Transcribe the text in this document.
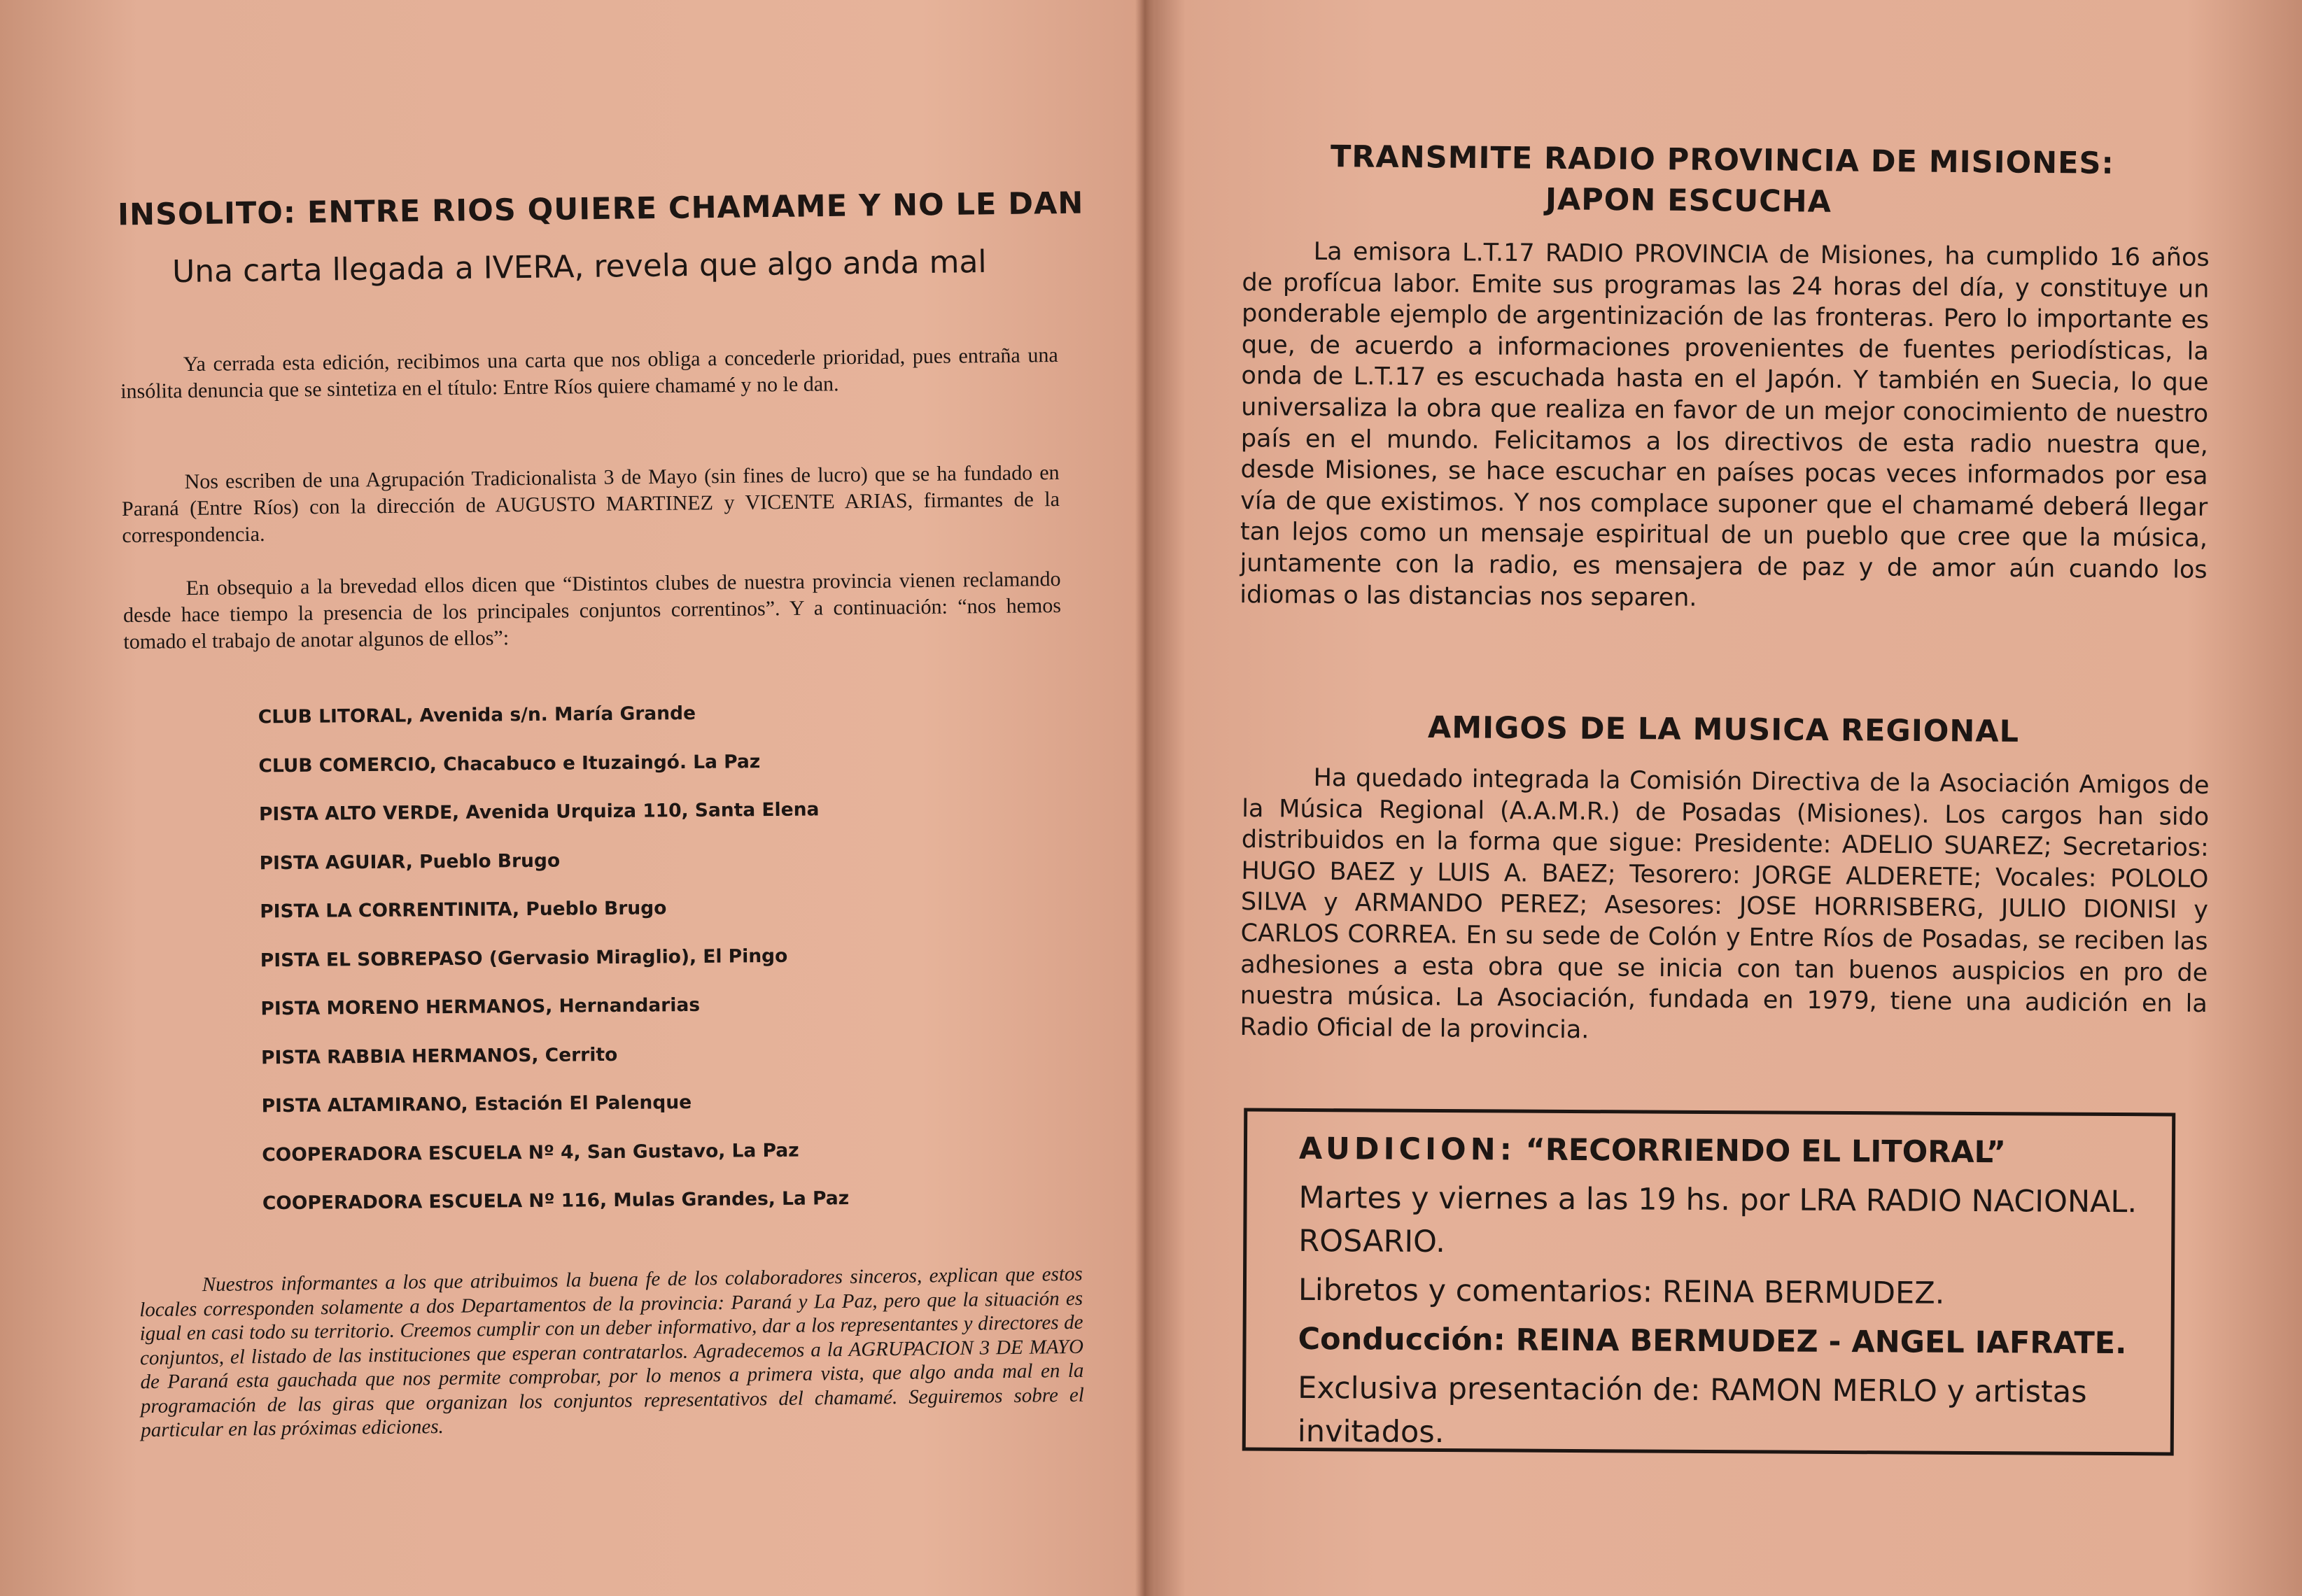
INSOLITO: ENTRE RIOS QUIERE CHAMAME Y NO LE DAN
Una carta llegada a IVERA, revela que algo anda mal

Ya cerrada esta edición, recibimos una carta que nos obliga a concederle prioridad, pues entraña una insólita denuncia que se sintetiza en el título: Entre Ríos quiere chamamé y no le dan.

Nos escriben de una Agrupación Tradicionalista 3 de Mayo (sin fines de lucro) que se ha fundado en Paraná (Entre Ríos) con la dirección de AUGUSTO MARTINEZ y VICENTE ARIAS, firmantes de la correspondencia.

En obsequio a la brevedad ellos dicen que “Distintos clubes de nuestra provincia vienen reclamando desde hace tiempo la presencia de los principales conjuntos correntinos”. Y a continuación: “nos hemos tomado el trabajo de anotar algunos de ellos”:

CLUB LITORAL, Avenida s/n. María Grande
CLUB COMERCIO, Chacabuco e Ituzaingó. La Paz
PISTA ALTO VERDE, Avenida Urquiza 110, Santa Elena
PISTA AGUIAR, Pueblo Brugo
PISTA LA CORRENTINITA, Pueblo Brugo
PISTA EL SOBREPASO (Gervasio Miraglio), El Pingo
PISTA MORENO HERMANOS, Hernandarias
PISTA RABBIA HERMANOS, Cerrito
PISTA ALTAMIRANO, Estación El Palenque
COOPERADORA ESCUELA Nº 4, San Gustavo, La Paz
COOPERADORA ESCUELA Nº 116, Mulas Grandes, La Paz

Nuestros informantes a los que atribuimos la buena fe de los colaboradores sinceros, explican que estos locales corresponden solamente a dos Departamentos de la provincia: Paraná y La Paz, pero que la situación es igual en casi todo su territorio. Creemos cumplir con un deber informativo, dar a los representantes y directores de conjuntos, el listado de las instituciones que esperan contratarlos. Agradecemos a la AGRUPACION 3 DE MAYO de Paraná esta gauchada que nos permite comprobar, por lo menos a primera vista, que algo anda mal en la programación de las giras que organizan los conjuntos representativos del chamamé. Seguiremos sobre el particular en las próximas ediciones.

TRANSMITE RADIO PROVINCIA DE MISIONES:
JAPON ESCUCHA

La emisora L.T.17 RADIO PROVINCIA de Misiones, ha cumplido 16 años de profícua labor. Emite sus programas las 24 horas del día, y constituye un ponderable ejemplo de argentinización de las fronteras. Pero lo importante es que, de acuerdo a informaciones provenientes de fuentes periodísticas, la onda de L.T.17 es escuchada hasta en el Japón. Y también en Suecia, lo que universaliza la obra que realiza en favor de un mejor conocimiento de nuestro país en el mundo. Felicitamos a los directivos de esta radio nuestra que, desde Misiones, se hace escuchar en países pocas veces informados por esa vía de que existimos. Y nos complace suponer que el chamamé deberá llegar tan lejos como un mensaje espiritual de un pueblo que cree que la música, juntamente con la radio, es mensajera de paz y de amor aún cuando los idiomas o las distancias nos separen.

AMIGOS DE LA MUSICA REGIONAL

Ha quedado integrada la Comisión Directiva de la Asociación Amigos de la Música Regional (A.A.M.R.) de Posadas (Misiones). Los cargos han sido distribuidos en la forma que sigue: Presidente: ADELIO SUAREZ; Secretarios: HUGO BAEZ y LUIS A. BAEZ; Tesorero: JORGE ALDERETE; Vocales: POLOLO SILVA y ARMANDO PEREZ; Asesores: JOSE HORRISBERG, JULIO DIONISI y CARLOS CORREA. En su sede de Colón y Entre Ríos de Posadas, se reciben las adhesiones a esta obra que se inicia con tan buenos auspicios en pro de nuestra música. La Asociación, fundada en 1979, tiene una audición en la Radio Oficial de la provincia.

AUDICION: “RECORRIENDO EL LITORAL”

Martes y viernes a las 19 hs. por LRA RADIO NACIONAL. ROSARIO.

Libretos y comentarios: REINA BERMUDEZ.

Conducción: REINA BERMUDEZ - ANGEL IAFRATE.

Exclusiva presentación de: RAMON MERLO y artistas invitados.
